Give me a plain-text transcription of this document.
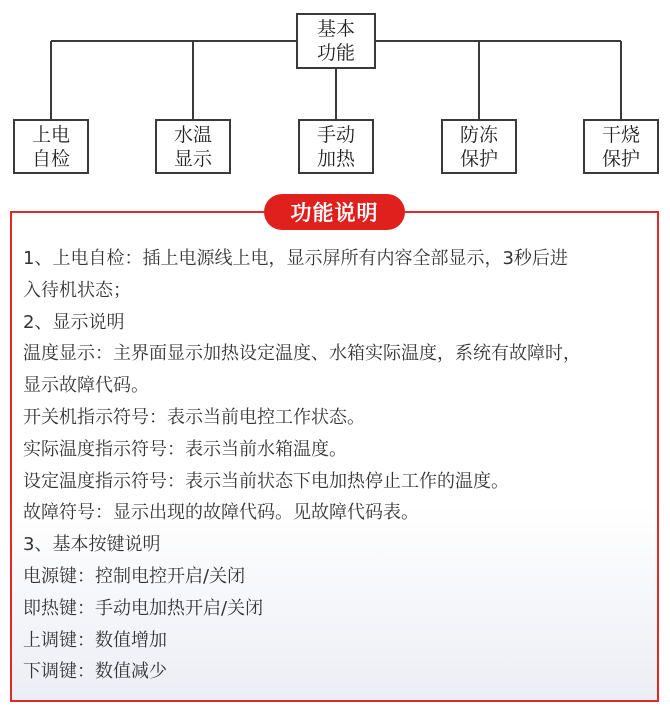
基本
功能
上电
自检
水温
显示
手动
加热
防冻
保护
干烧
保护
功能说明
1、上电自检：插上电源线上电，显示屏所有内容全部显示，3秒后进
入待机状态；
2、显示说明
温度显示：主界面显示加热设定温度、水箱实际温度，系统有故障时，
显示故障代码。
开关机指示符号：表示当前电控工作状态。
实际温度指示符号：表示当前水箱温度。
设定温度指示符号：表示当前状态下电加热停止工作的温度。
故障符号：显示出现的故障代码。见故障代码表。
3、基本按键说明
电源键：控制电控开启/关闭
即热键：手动电加热开启/关闭
上调键：数值增加
下调键：数值减少
